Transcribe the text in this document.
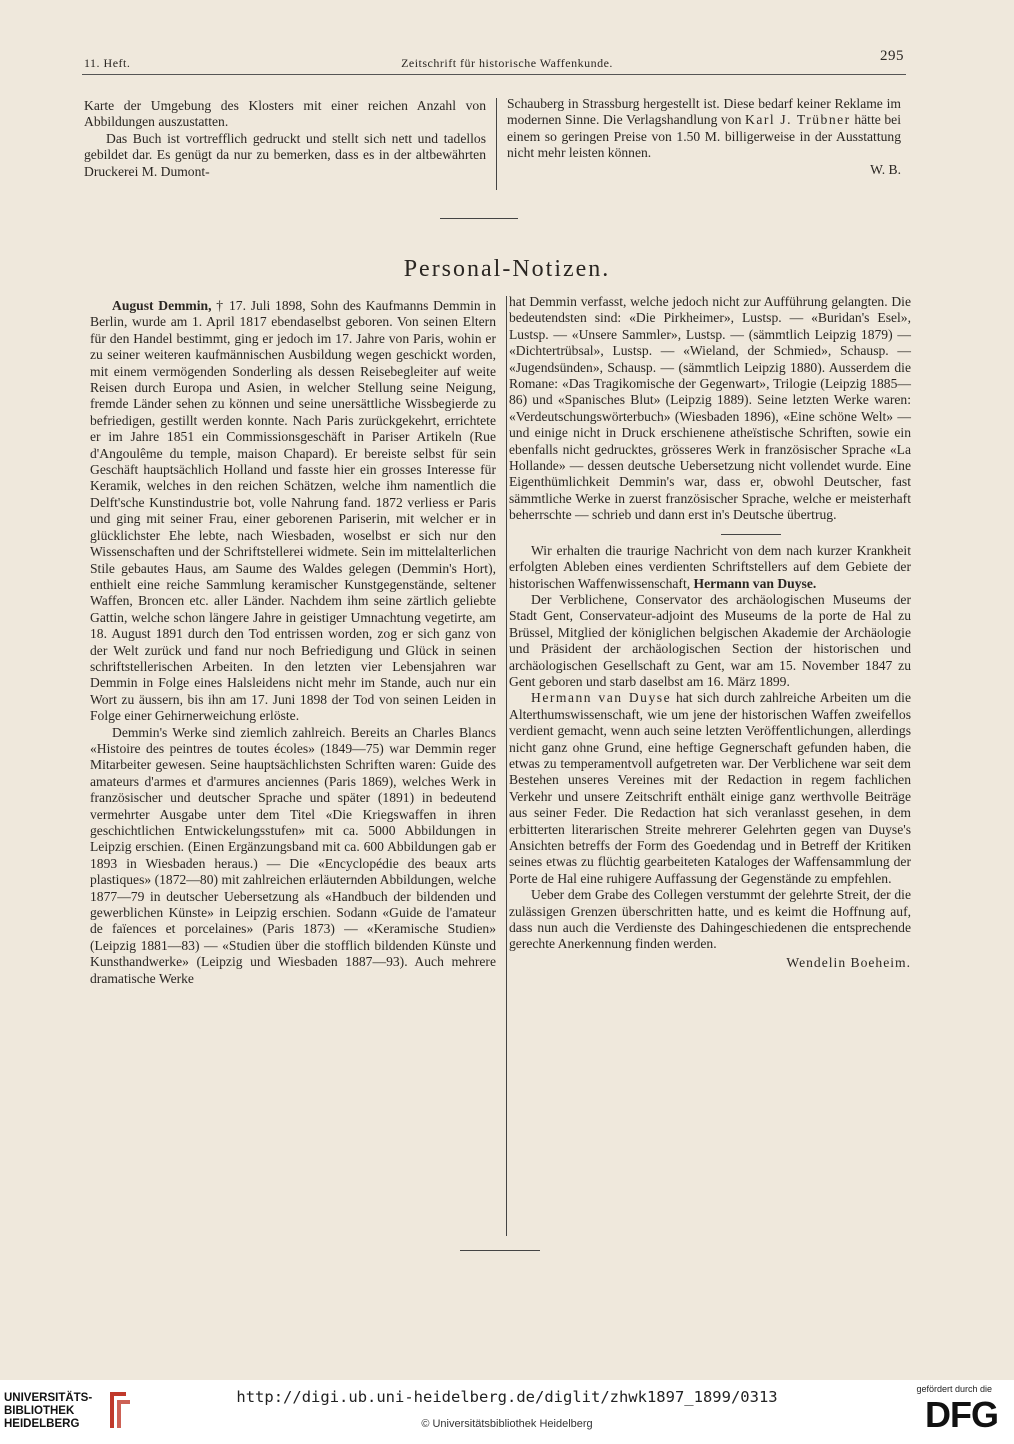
11. Heft.	Zeitschrift für historische Waffenkunde.	295

Karte der Umgebung des Klosters mit einer reichen Anzahl von Abbildungen auszustatten.

Das Buch ist vortrefflich gedruckt und stellt sich nett und tadellos gebildet dar. Es genügt da nur zu bemerken, dass es in der altbewährten Druckerei M. Dumont-

Schauberg in Strassburg hergestellt ist. Diese bedarf keiner Reklame im modernen Sinne. Die Verlagshandlung von Karl J. Trübner hätte bei einem so geringen Preise von 1.50 M. billigerweise in der Ausstattung nicht mehr leisten können.

W. B.

Personal-Notizen.

August Demmin, † 17. Juli 1898, Sohn des Kaufmanns Demmin in Berlin, wurde am 1. April 1817 ebendaselbst geboren. Von seinen Eltern für den Handel bestimmt, ging er jedoch im 17. Jahre von Paris, wohin er zu seiner weiteren kaufmännischen Ausbildung wegen geschickt worden, mit einem vermögenden Sonderling als dessen Reisebegleiter auf weite Reisen durch Europa und Asien, in welcher Stellung seine Neigung, fremde Länder sehen zu können und seine unersättliche Wissbegierde zu befriedigen, gestillt werden konnte. Nach Paris zurückgekehrt, errichtete er im Jahre 1851 ein Commissionsgeschäft in Pariser Artikeln (Rue d'Angoulême du temple, maison Chapard). Er bereiste selbst für sein Geschäft hauptsächlich Holland und fasste hier ein grosses Interesse für Keramik, welches in den reichen Schätzen, welche ihm namentlich die Delft'sche Kunstindustrie bot, volle Nahrung fand. 1872 verliess er Paris und ging mit seiner Frau, einer geborenen Pariserin, mit welcher er in glücklichster Ehe lebte, nach Wiesbaden, woselbst er sich nur den Wissenschaften und der Schriftstellerei widmete. Sein im mittelalterlichen Stile gebautes Haus, am Saume des Waldes gelegen (Demmin's Hort), enthielt eine reiche Sammlung keramischer Kunstgegenstände, seltener Waffen, Broncen etc. aller Länder. Nachdem ihm seine zärtlich geliebte Gattin, welche schon längere Jahre in geistiger Umnachtung vegetirte, am 18. August 1891 durch den Tod entrissen worden, zog er sich ganz von der Welt zurück und fand nur noch Befriedigung und Glück in seinen schriftstellerischen Arbeiten. In den letzten vier Lebensjahren war Demmin in Folge eines Halsleidens nicht mehr im Stande, auch nur ein Wort zu äussern, bis ihn am 17. Juni 1898 der Tod von seinen Leiden in Folge einer Gehirnerweichung erlöste.

Demmin's Werke sind ziemlich zahlreich. Bereits an Charles Blancs «Histoire des peintres de toutes écoles» (1849—75) war Demmin reger Mitarbeiter gewesen. Seine hauptsächlichsten Schriften waren: Guide des amateurs d'armes et d'armures anciennes (Paris 1869), welches Werk in französischer und deutscher Sprache und später (1891) in bedeutend vermehrter Ausgabe unter dem Titel «Die Kriegswaffen in ihren geschichtlichen Entwickelungsstufen» mit ca. 5000 Abbildungen in Leipzig erschien. (Einen Ergänzungsband mit ca. 600 Abbildungen gab er 1893 in Wiesbaden heraus.) — Die «Encyclopédie des beaux arts plastiques» (1872—80) mit zahlreichen erläuternden Abbildungen, welche 1877—79 in deutscher Uebersetzung als «Handbuch der bildenden und gewerblichen Künste» in Leipzig erschien. Sodann «Guide de l'amateur de faïences et porcelaines» (Paris 1873) — «Keramische Studien» (Leipzig 1881—83) — «Studien über die stofflich bildenden Künste und Kunsthandwerke» (Leipzig und Wiesbaden 1887—93). Auch mehrere dramatische Werke

hat Demmin verfasst, welche jedoch nicht zur Aufführung gelangten. Die bedeutendsten sind: «Die Pirkheimer», Lustsp. — «Buridan's Esel», Lustsp. — «Unsere Sammler», Lustsp. — (sämmtlich Leipzig 1879) — «Dichtertrübsal», Lustsp. — «Wieland, der Schmied», Schausp. — «Jugendsünden», Schausp. — (sämmtlich Leipzig 1880). Ausserdem die Romane: «Das Tragikomische der Gegenwart», Trilogie (Leipzig 1885—86) und «Spanisches Blut» (Leipzig 1889). Seine letzten Werke waren: «Verdeutschungswörterbuch» (Wiesbaden 1896), «Eine schöne Welt» — und einige nicht in Druck erschienene atheïstische Schriften, sowie ein ebenfalls nicht gedrucktes, grösseres Werk in französischer Sprache «La Hollande» — dessen deutsche Uebersetzung nicht vollendet wurde. Eine Eigenthümlichkeit Demmin's war, dass er, obwohl Deutscher, fast sämmtliche Werke in zuerst französischer Sprache, welche er meisterhaft beherrschte — schrieb und dann erst in's Deutsche übertrug.

Wir erhalten die traurige Nachricht von dem nach kurzer Krankheit erfolgten Ableben eines verdienten Schriftstellers auf dem Gebiete der historischen Waffenwissenschaft, Hermann van Duyse.

Der Verblichene, Conservator des archäologischen Museums der Stadt Gent, Conservateur-adjoint des Museums de la porte de Hal zu Brüssel, Mitglied der königlichen belgischen Akademie der Archäologie und Präsident der archäologischen Section der historischen und archäologischen Gesellschaft zu Gent, war am 15. November 1847 zu Gent geboren und starb daselbst am 16. März 1899.

Hermann van Duyse hat sich durch zahlreiche Arbeiten um die Alterthumswissenschaft, wie um jene der historischen Waffen zweifellos verdient gemacht, wenn auch seine letzten Veröffentlichungen, allerdings nicht ganz ohne Grund, eine heftige Gegnerschaft gefunden haben, die etwas zu temperamentvoll aufgetreten war. Der Verblichene war seit dem Bestehen unseres Vereines mit der Redaction in regem fachlichen Verkehr und unsere Zeitschrift enthält einige ganz werthvolle Beiträge aus seiner Feder. Die Redaction hat sich veranlasst gesehen, in dem erbitterten literarischen Streite mehrerer Gelehrten gegen van Duyse's Ansichten betreffs der Form des Goedendag und in Betreff der Kritiken seines etwas zu flüchtig gearbeiteten Kataloges der Waffensammlung der Porte de Hal eine ruhigere Auffassung der Gegenstände zu empfehlen.

Ueber dem Grabe des Collegen verstummt der gelehrte Streit, der die zulässigen Grenzen überschritten hatte, und es keimt die Hoffnung auf, dass nun auch die Verdienste des Dahingeschiedenen die entsprechende gerechte Anerkennung finden werden.

Wendelin Boeheim.

UNIVERSITÄTS-
BIBLIOTHEK
HEIDELBERG
http://digi.ub.uni-heidelberg.de/diglit/zhwk1897_1899/0313
© Universitätsbibliothek Heidelberg
gefördert durch die
DFG
